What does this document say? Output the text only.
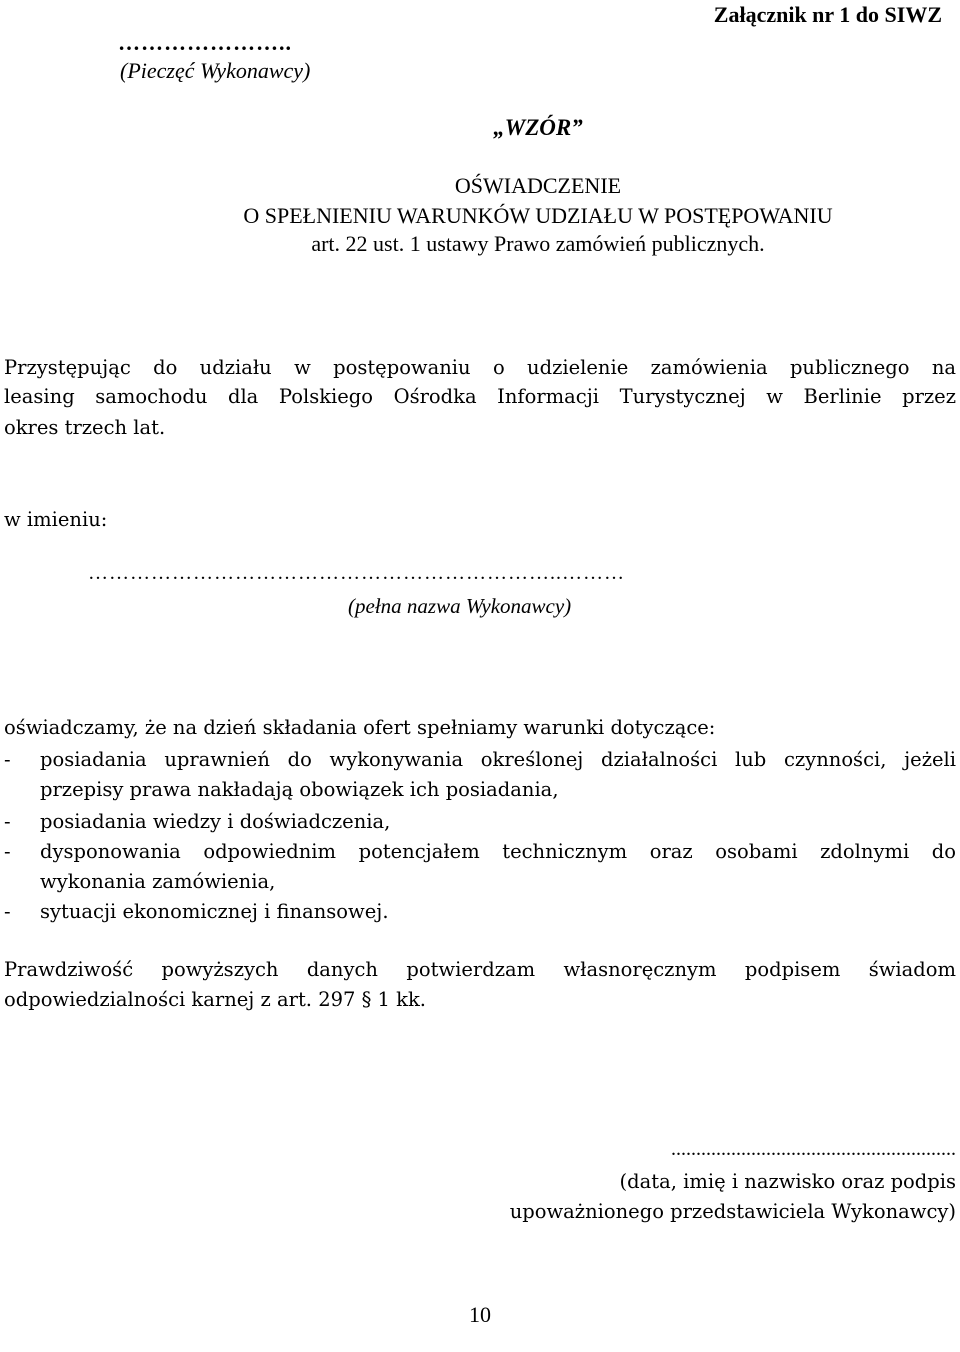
Załącznik nr 1 do SIWZ
…………………..
(Pieczęć Wykonawcy)
„WZÓR”
OŚWIADCZENIE
O SPEŁNIENIU WARUNKÓW UDZIAŁU W POSTĘPOWANIU
art. 22 ust. 1 ustawy Prawo zamówień publicznych.
Przystępując do udziału w postępowaniu o udzielenie zamówienia publicznego na
leasing samochodu dla Polskiego Ośrodka Informacji Turystycznej w Berlinie przez
okres trzech lat.
w imieniu:
…………………………………………………………..………
(pełna nazwa Wykonawcy)
oświadczamy, że na dzień składania ofert spełniamy warunki dotyczące:
- posiadania uprawnień do wykonywania określonej działalności lub czynności, jeżeli
przepisy prawa nakładają obowiązek ich posiadania,
- posiadania wiedzy i doświadczenia,
- dysponowania odpowiednim potencjałem technicznym oraz osobami zdolnymi do
wykonania zamówienia,
- sytuacji ekonomicznej i finansowej.
Prawdziwość powyższych danych potwierdzam własnoręcznym podpisem świadom
odpowiedzialności karnej z art. 297 § 1 kk.
.........................................................
(data, imię i nazwisko oraz podpis
upoważnionego przedstawiciela Wykonawcy)
10
